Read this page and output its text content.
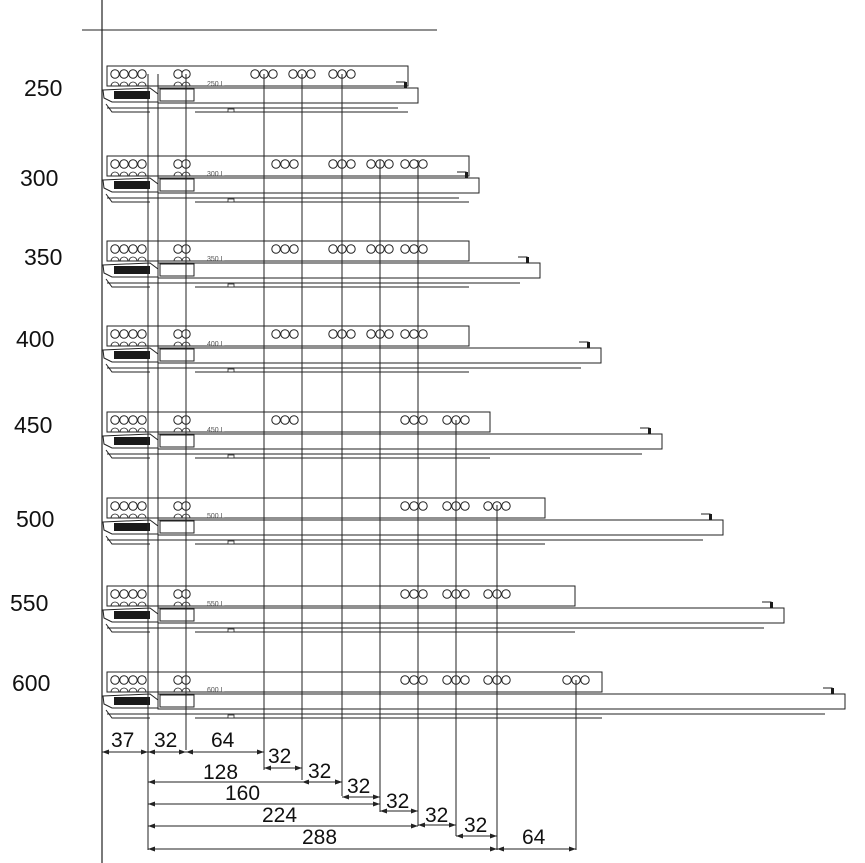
250 L
300 L
350 L
400 L
450 L
500 L
550 L
600 L
250
300
350
400
450
500
550
600
37 32 64
32
32
32
32
32 32
128
160
224
288	64
